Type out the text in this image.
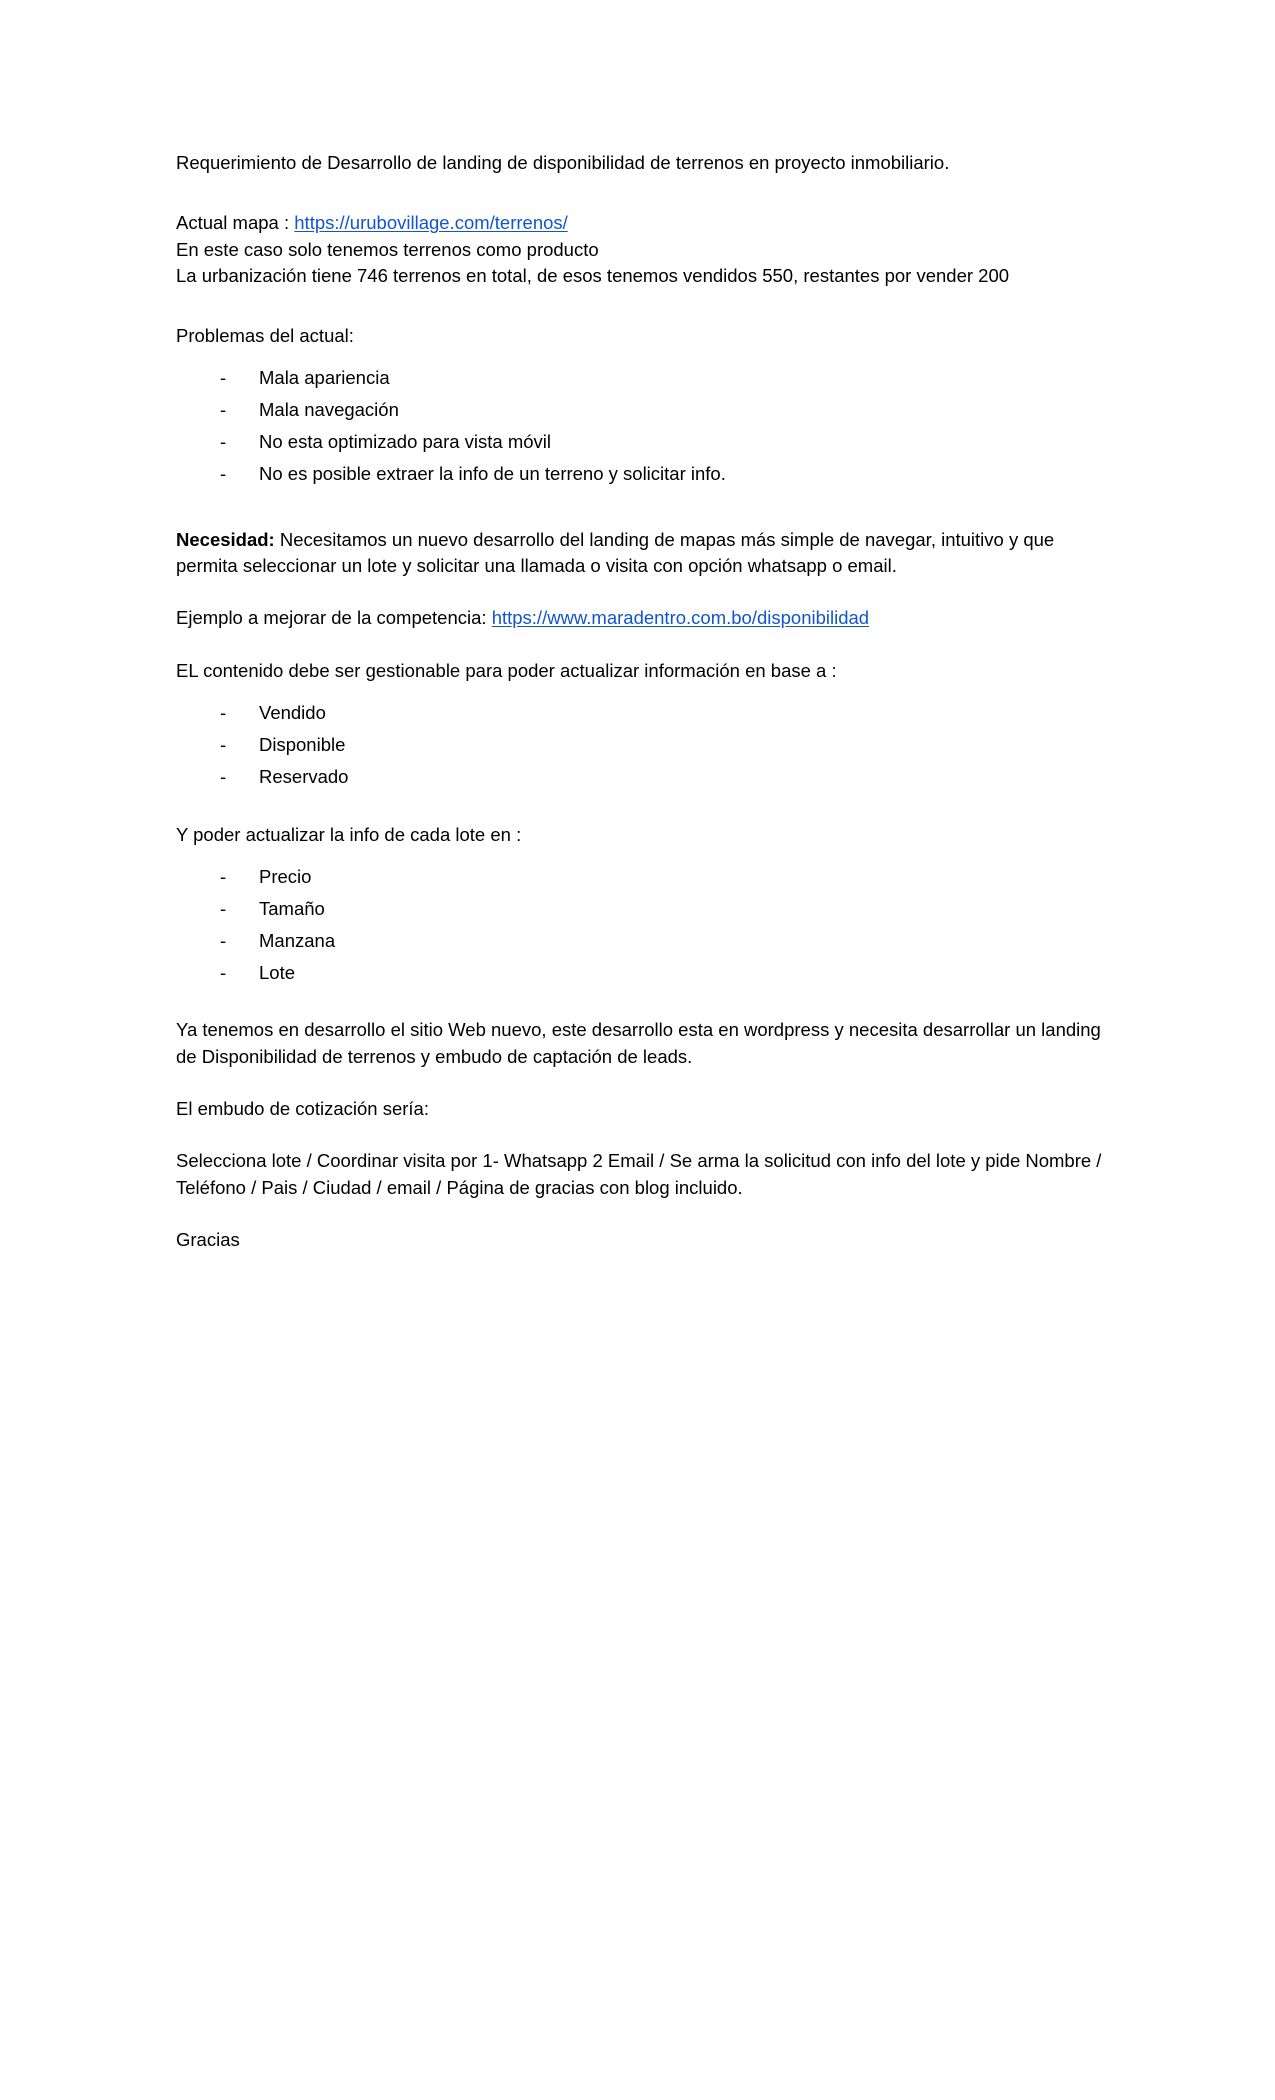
Requerimiento de Desarrollo de landing de disponibilidad de terrenos en proyecto inmobiliario.

Actual mapa : https://urubovillage.com/terrenos/

En este caso solo tenemos terrenos como producto

La urbanización tiene 746 terrenos en total, de esos tenemos vendidos 550, restantes por vender 200

Problemas del actual:

- Mala apariencia
- Mala navegación
- No esta optimizado para vista móvil
- No es posible extraer la info de un terreno y solicitar info.

Necesidad: Necesitamos un nuevo desarrollo del landing de mapas más simple de navegar, intuitivo y que permita seleccionar un lote y solicitar una llamada o visita con opción whatsapp o email.

Ejemplo a mejorar de la competencia: https://www.maradentro.com.bo/disponibilidad

EL contenido debe ser gestionable para poder actualizar información en base a :

- Vendido
- Disponible
- Reservado

Y poder actualizar la info de cada lote en :

- Precio
- Tamaño
- Manzana
- Lote

Ya tenemos en desarrollo el sitio Web nuevo, este desarrollo esta en wordpress y necesita desarrollar un landing de Disponibilidad de terrenos y embudo de captación de leads.

El embudo de cotización sería:

Selecciona lote / Coordinar visita por 1- Whatsapp 2 Email / Se arma la solicitud con info del lote y pide Nombre / Teléfono / Pais / Ciudad / email / Página de gracias con blog incluido.

Gracias
